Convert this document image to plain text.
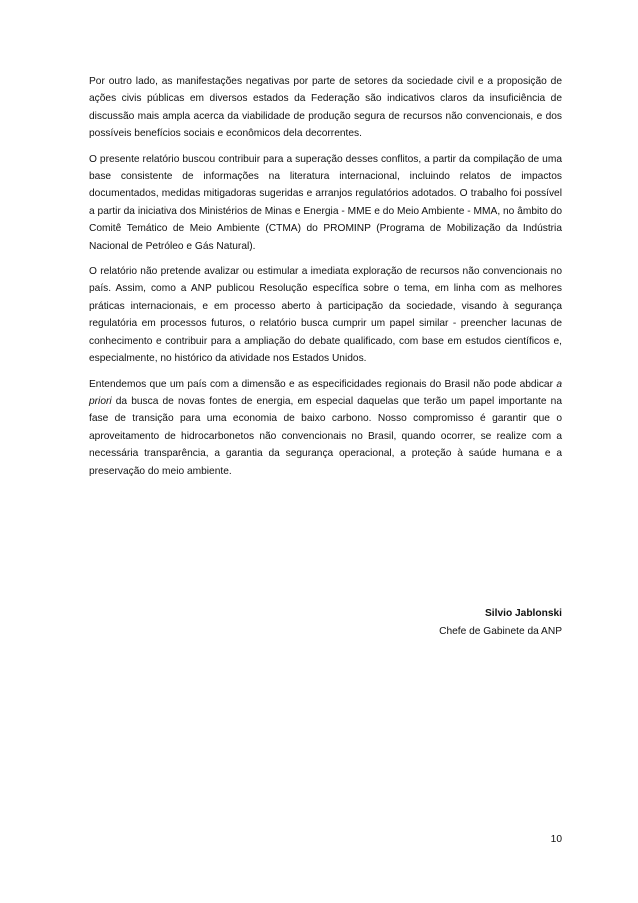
Por outro lado, as manifestações negativas por parte de setores da sociedade civil e a proposição de ações civis públicas em diversos estados da Federação são indicativos claros da insuficiência de discussão mais ampla acerca da viabilidade de produção segura de recursos não convencionais, e dos possíveis benefícios sociais e econômicos dela decorrentes.

O presente relatório buscou contribuir para a superação desses conflitos, a partir da compilação de uma base consistente de informações na literatura internacional, incluindo relatos de impactos documentados, medidas mitigadoras sugeridas e arranjos regulatórios adotados. O trabalho foi possível a partir da iniciativa dos Ministérios de Minas e Energia - MME e do Meio Ambiente - MMA, no âmbito do Comitê Temático de Meio Ambiente (CTMA) do PROMINP (Programa de Mobilização da Indústria Nacional de Petróleo e Gás Natural).

O relatório não pretende avalizar ou estimular a imediata exploração de recursos não convencionais no país. Assim, como a ANP publicou Resolução específica sobre o tema, em linha com as melhores práticas internacionais, e em processo aberto à participação da sociedade, visando à segurança regulatória em processos futuros, o relatório busca cumprir um papel similar - preencher lacunas de conhecimento e contribuir para a ampliação do debate qualificado, com base em estudos científicos e, especialmente, no histórico da atividade nos Estados Unidos.

Entendemos que um país com a dimensão e as especificidades regionais do Brasil não pode abdicar a priori da busca de novas fontes de energia, em especial daquelas que terão um papel importante na fase de transição para uma economia de baixo carbono. Nosso compromisso é garantir que o aproveitamento de hidrocarbonetos não convencionais no Brasil, quando ocorrer, se realize com a necessária transparência, a garantia da segurança operacional, a proteção à saúde humana e a preservação do meio ambiente.

Silvio Jablonski
Chefe de Gabinete da ANP
10
